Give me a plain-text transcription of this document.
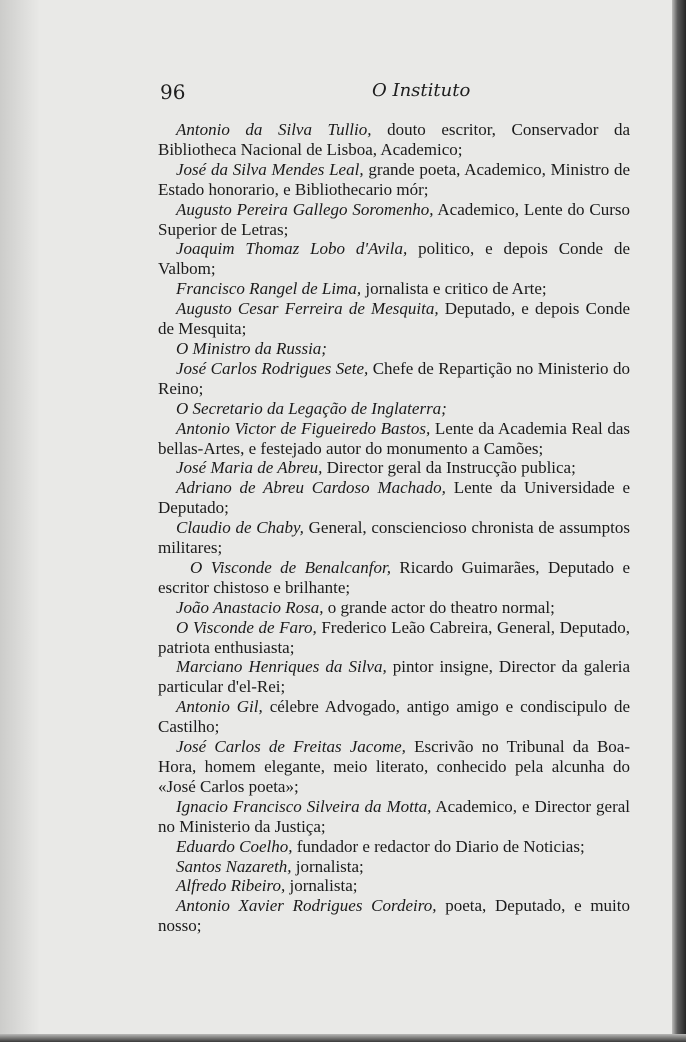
96	O Instituto

Antonio da Silva Tullio, douto escritor, Conservador da Bibliotheca Nacional de Lisboa, Academico;

José da Silva Mendes Leal, grande poeta, Academico, Ministro de Estado honorario, e Bibliothecario mór;

Augusto Pereira Gallego Soromenho, Academico, Lente do Curso Superior de Letras;

Joaquim Thomaz Lobo d'Avila, politico, e depois Conde de Valbom;

Francisco Rangel de Lima, jornalista e critico de Arte;

Augusto Cesar Ferreira de Mesquita, Deputado, e depois Conde de Mesquita;

O Ministro da Russia;

José Carlos Rodrigues Sete, Chefe de Repartição no Ministerio do Reino;

O Secretario da Legação de Inglaterra;

Antonio Victor de Figueiredo Bastos, Lente da Academia Real das bellas-Artes, e festejado autor do monumento a Camões;

José Maria de Abreu, Director geral da Instrucção publica;

Adriano de Abreu Cardoso Machado, Lente da Universidade e Deputado;

Claudio de Chaby, General, consciencioso chronista de assumptos militares;

O Visconde de Benalcanfor, Ricardo Guimarães, Deputado e escritor chistoso e brilhante;

João Anastacio Rosa, o grande actor do theatro normal;

O Visconde de Faro, Frederico Leão Cabreira, General, Deputado, patriota enthusiasta;

Marciano Henriques da Silva, pintor insigne, Director da galeria particular d'el-Rei;

Antonio Gil, célebre Advogado, antigo amigo e condiscipulo de Castilho;

José Carlos de Freitas Jacome, Escrivão no Tribunal da Boa-Hora, homem elegante, meio literato, conhecido pela alcunha do «José Carlos poeta»;

Ignacio Francisco Silveira da Motta, Academico, e Director geral no Ministerio da Justiça;

Eduardo Coelho, fundador e redactor do Diario de Noticias;

Santos Nazareth, jornalista;

Alfredo Ribeiro, jornalista;

Antonio Xavier Rodrigues Cordeiro, poeta, Deputado, e muito nosso;
